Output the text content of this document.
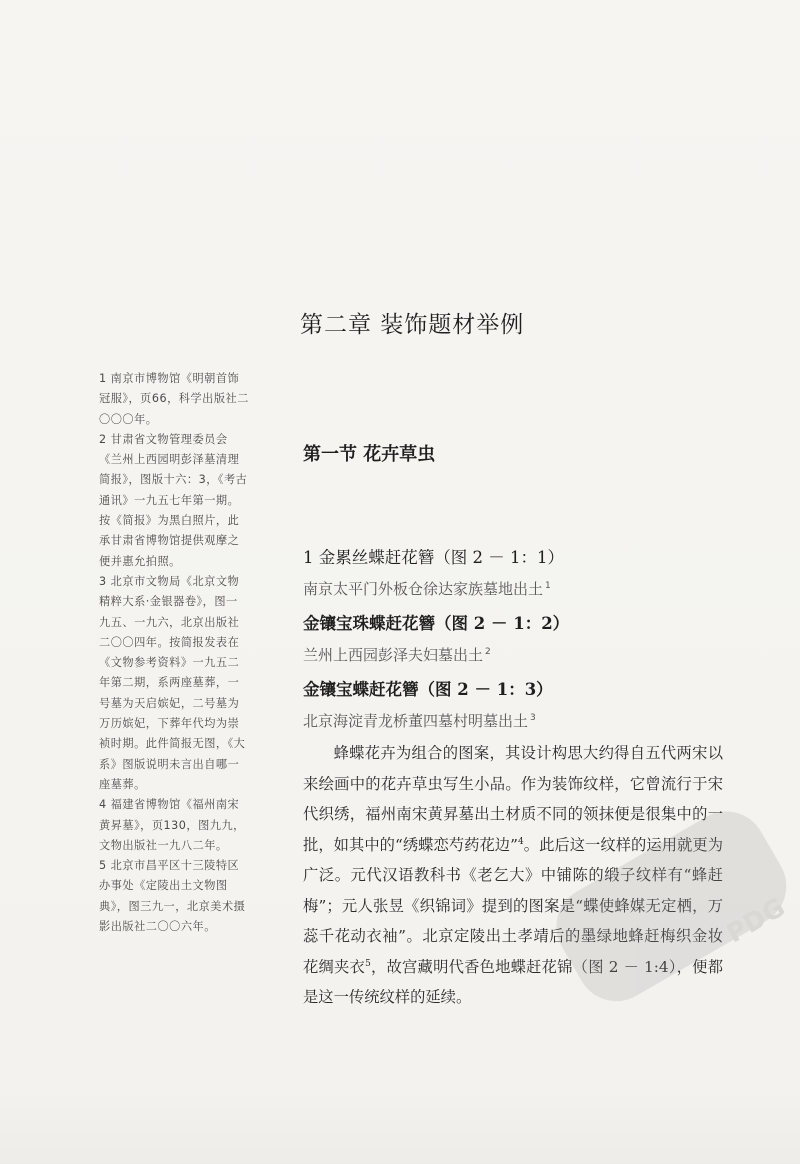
第二章 装饰题材举例

1 南京市博物馆《明朝首饰冠服》，页66，科学出版社二〇〇〇年。

2 甘肃省文物管理委员会《兰州上西园明彭泽墓清理简报》，图版十六：3，《考古通讯》一九五七年第一期。按《简报》为黑白照片，此承甘肃省博物馆提供观摩之便并惠允拍照。

3 北京市文物局《北京文物精粹大系·金银器卷》，图一九五、一九六，北京出版社二〇〇四年。按简报发表在《文物参考资料》一九五二年第二期，系两座墓葬，一号墓为天启嫔妃，二号墓为万历嫔妃，下葬年代均为崇祯时期。此件简报无图，《大系》图版说明未言出自哪一座墓葬。

4 福建省博物馆《福州南宋黄昇墓》，页130，图九九，文物出版社一九八二年。

5 北京市昌平区十三陵特区办事处《定陵出土文物图典》，图三九一，北京美术摄影出版社二〇〇六年。

第一节 花卉草虫
1 金累丝蝶赶花簪（图 2 － 1：1）
南京太平门外板仓徐达家族墓地出土 $^1$
金镶宝珠蝶赶花簪（图 2 － 1：2）
兰州上西园彭泽夫妇墓出土 $^2$
金镶宝蝶赶花簪（图 2 － 1：3）
北京海淀青龙桥董四墓村明墓出土 $^3$

蜂蝶花卉为组合的图案，其设计构思大约得自五代两宋以来绘画中的花卉草虫写生小品。作为装饰纹样，它曾流行于宋代织绣，福州南宋黄昇墓出土材质不同的领抹便是很集中的一批，如其中的“绣蝶恋芍药花边”$^4$。此后这一纹样的运用就更为广泛。元代汉语教科书《老乞大》中铺陈的缎子纹样有“蜂赶梅”；元人张昱《织锦词》提到的图案是“蝶使蜂媒无定栖，万蕊千花动衣袖”。北京定陵出土孝靖后的墨绿地蜂赶梅织金妆花绸夹衣$^5$，故宫藏明代香色地蝶赶花锦（图 2 － 1:4），便都是这一传统纹样的延续。

PDG
